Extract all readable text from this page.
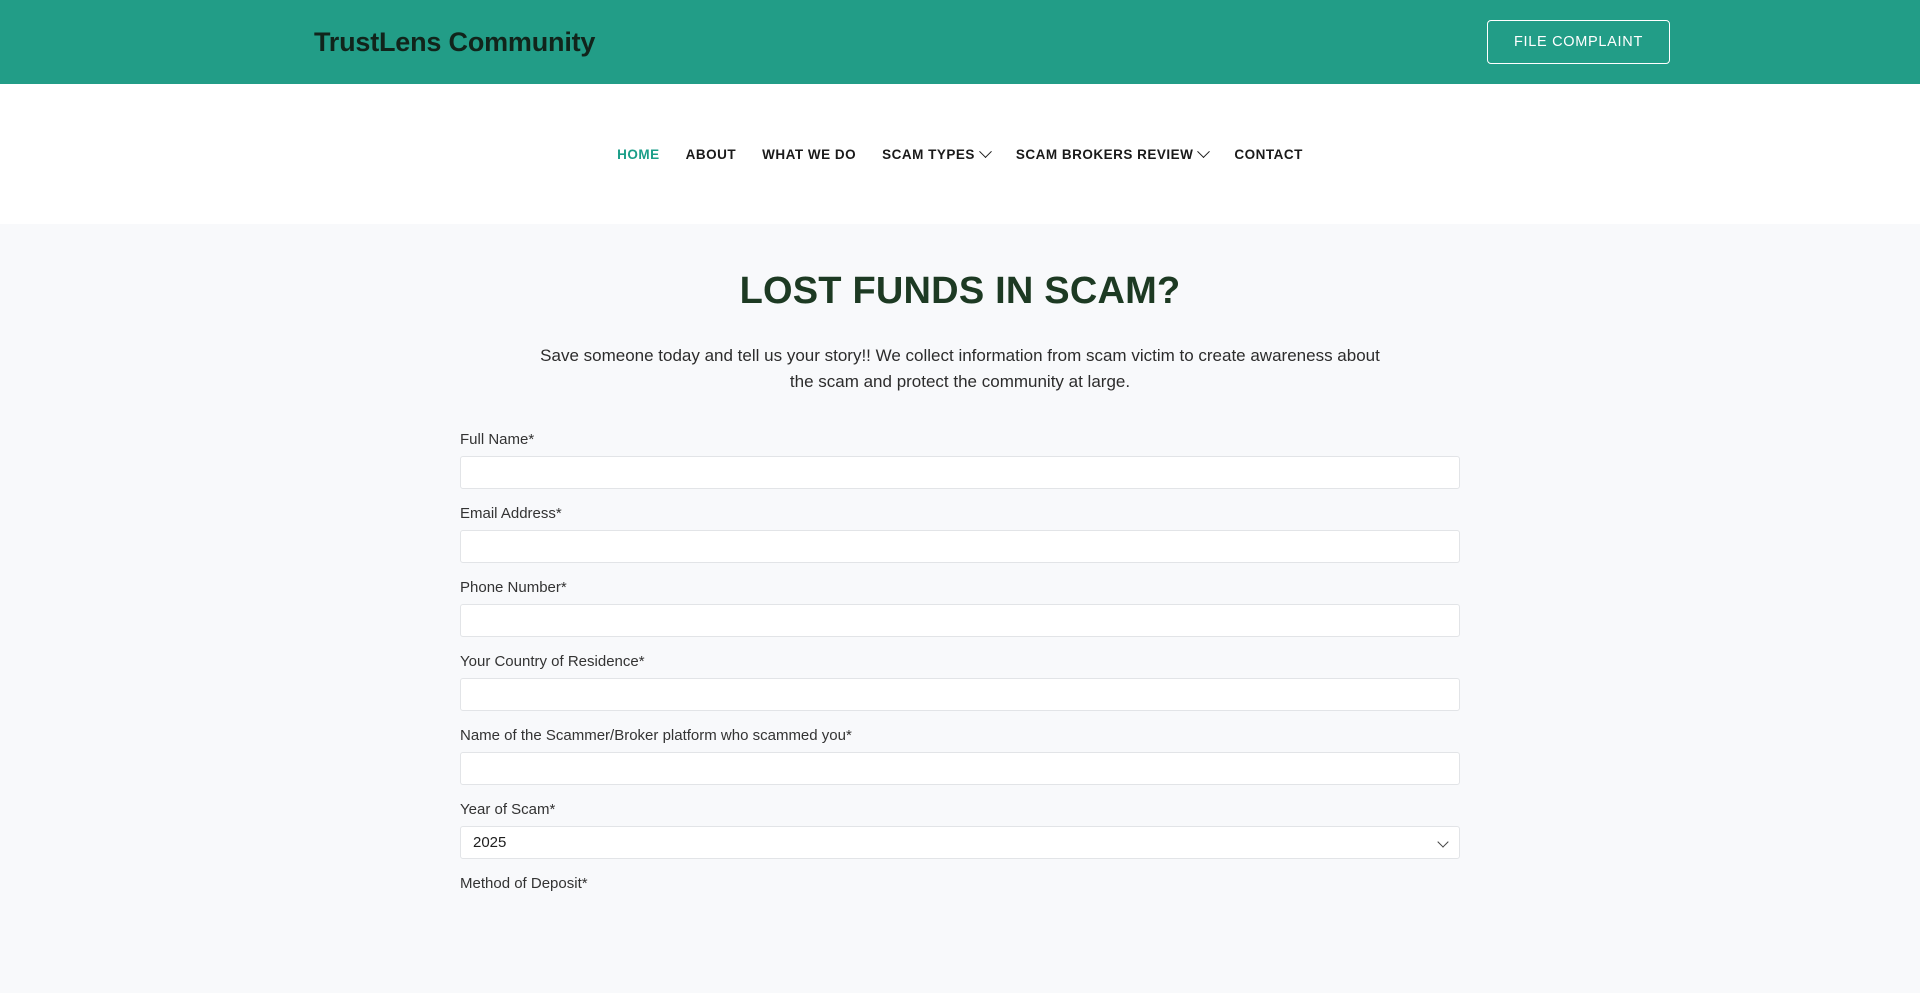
TrustLens Community	FILE COMPLAINT
HOME ABOUT WHAT WE DO SCAM TYPES	SCAM BROKERS REVIEW	CONTACT
LOST FUNDS IN SCAM?

Save someone today and tell us your story!! We collect information from scam victim to create awareness about the scam and protect the community at large.

Full Name*
Email Address*
Phone Number*
Your Country of Residence*
Name of the Scammer/Broker platform who scammed you*
Year of Scam*
2025
Method of Deposit*
